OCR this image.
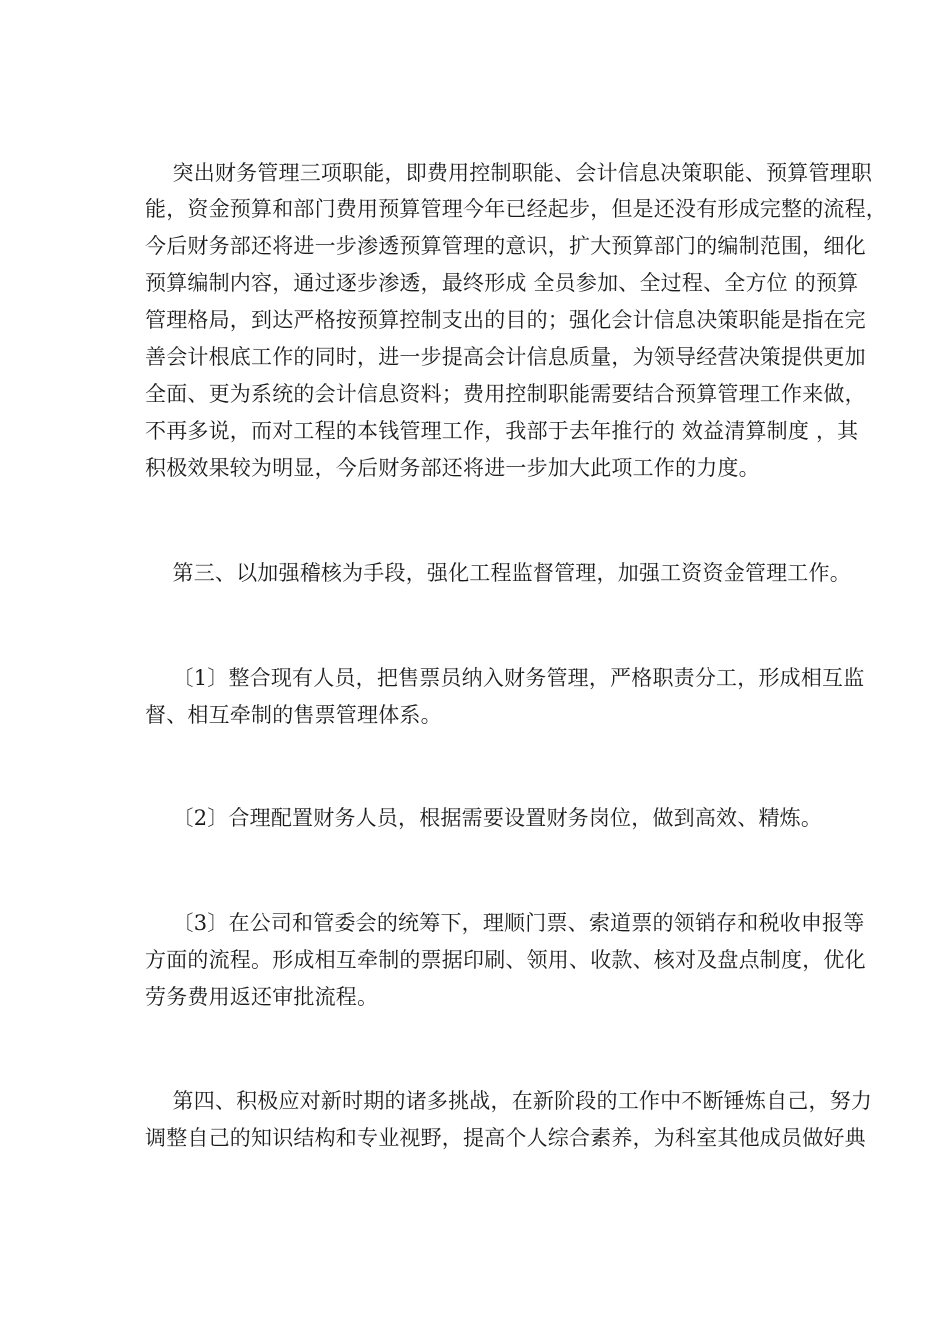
突出财务管理三项职能，即费用控制职能、会计信息决策职能、预算管理职
能，资金预算和部门费用预算管理今年已经起步，但是还没有形成完整的流程，
今后财务部还将进一步渗透预算管理的意识，扩大预算部门的编制范围，细化
预算编制内容，通过逐步渗透，最终形成 全员参加、全过程、全方位 的预算
管理格局，到达严格按预算控制支出的目的；强化会计信息决策职能是指在完
善会计根底工作的同时，进一步提高会计信息质量，为领导经营决策提供更加
全面、更为系统的会计信息资料；费用控制职能需要结合预算管理工作来做，
不再多说，而对工程的本钱管理工作，我部于去年推行的 效益清算制度 ，其
积极效果较为明显，今后财务部还将进一步加大此项工作的力度。
第三、以加强稽核为手段，强化工程监督管理，加强工资资金管理工作。
〔1〕整合现有人员，把售票员纳入财务管理，严格职责分工，形成相互监
督、相互牵制的售票管理体系。
〔2〕合理配置财务人员，根据需要设置财务岗位，做到高效、精炼。
〔3〕在公司和管委会的统筹下，理顺门票、索道票的领销存和税收申报等
方面的流程。形成相互牵制的票据印刷、领用、收款、核对及盘点制度，优化
劳务费用返还审批流程。
第四、积极应对新时期的诸多挑战，在新阶段的工作中不断锤炼自己，努力
调整自己的知识结构和专业视野，提高个人综合素养，为科室其他成员做好典
